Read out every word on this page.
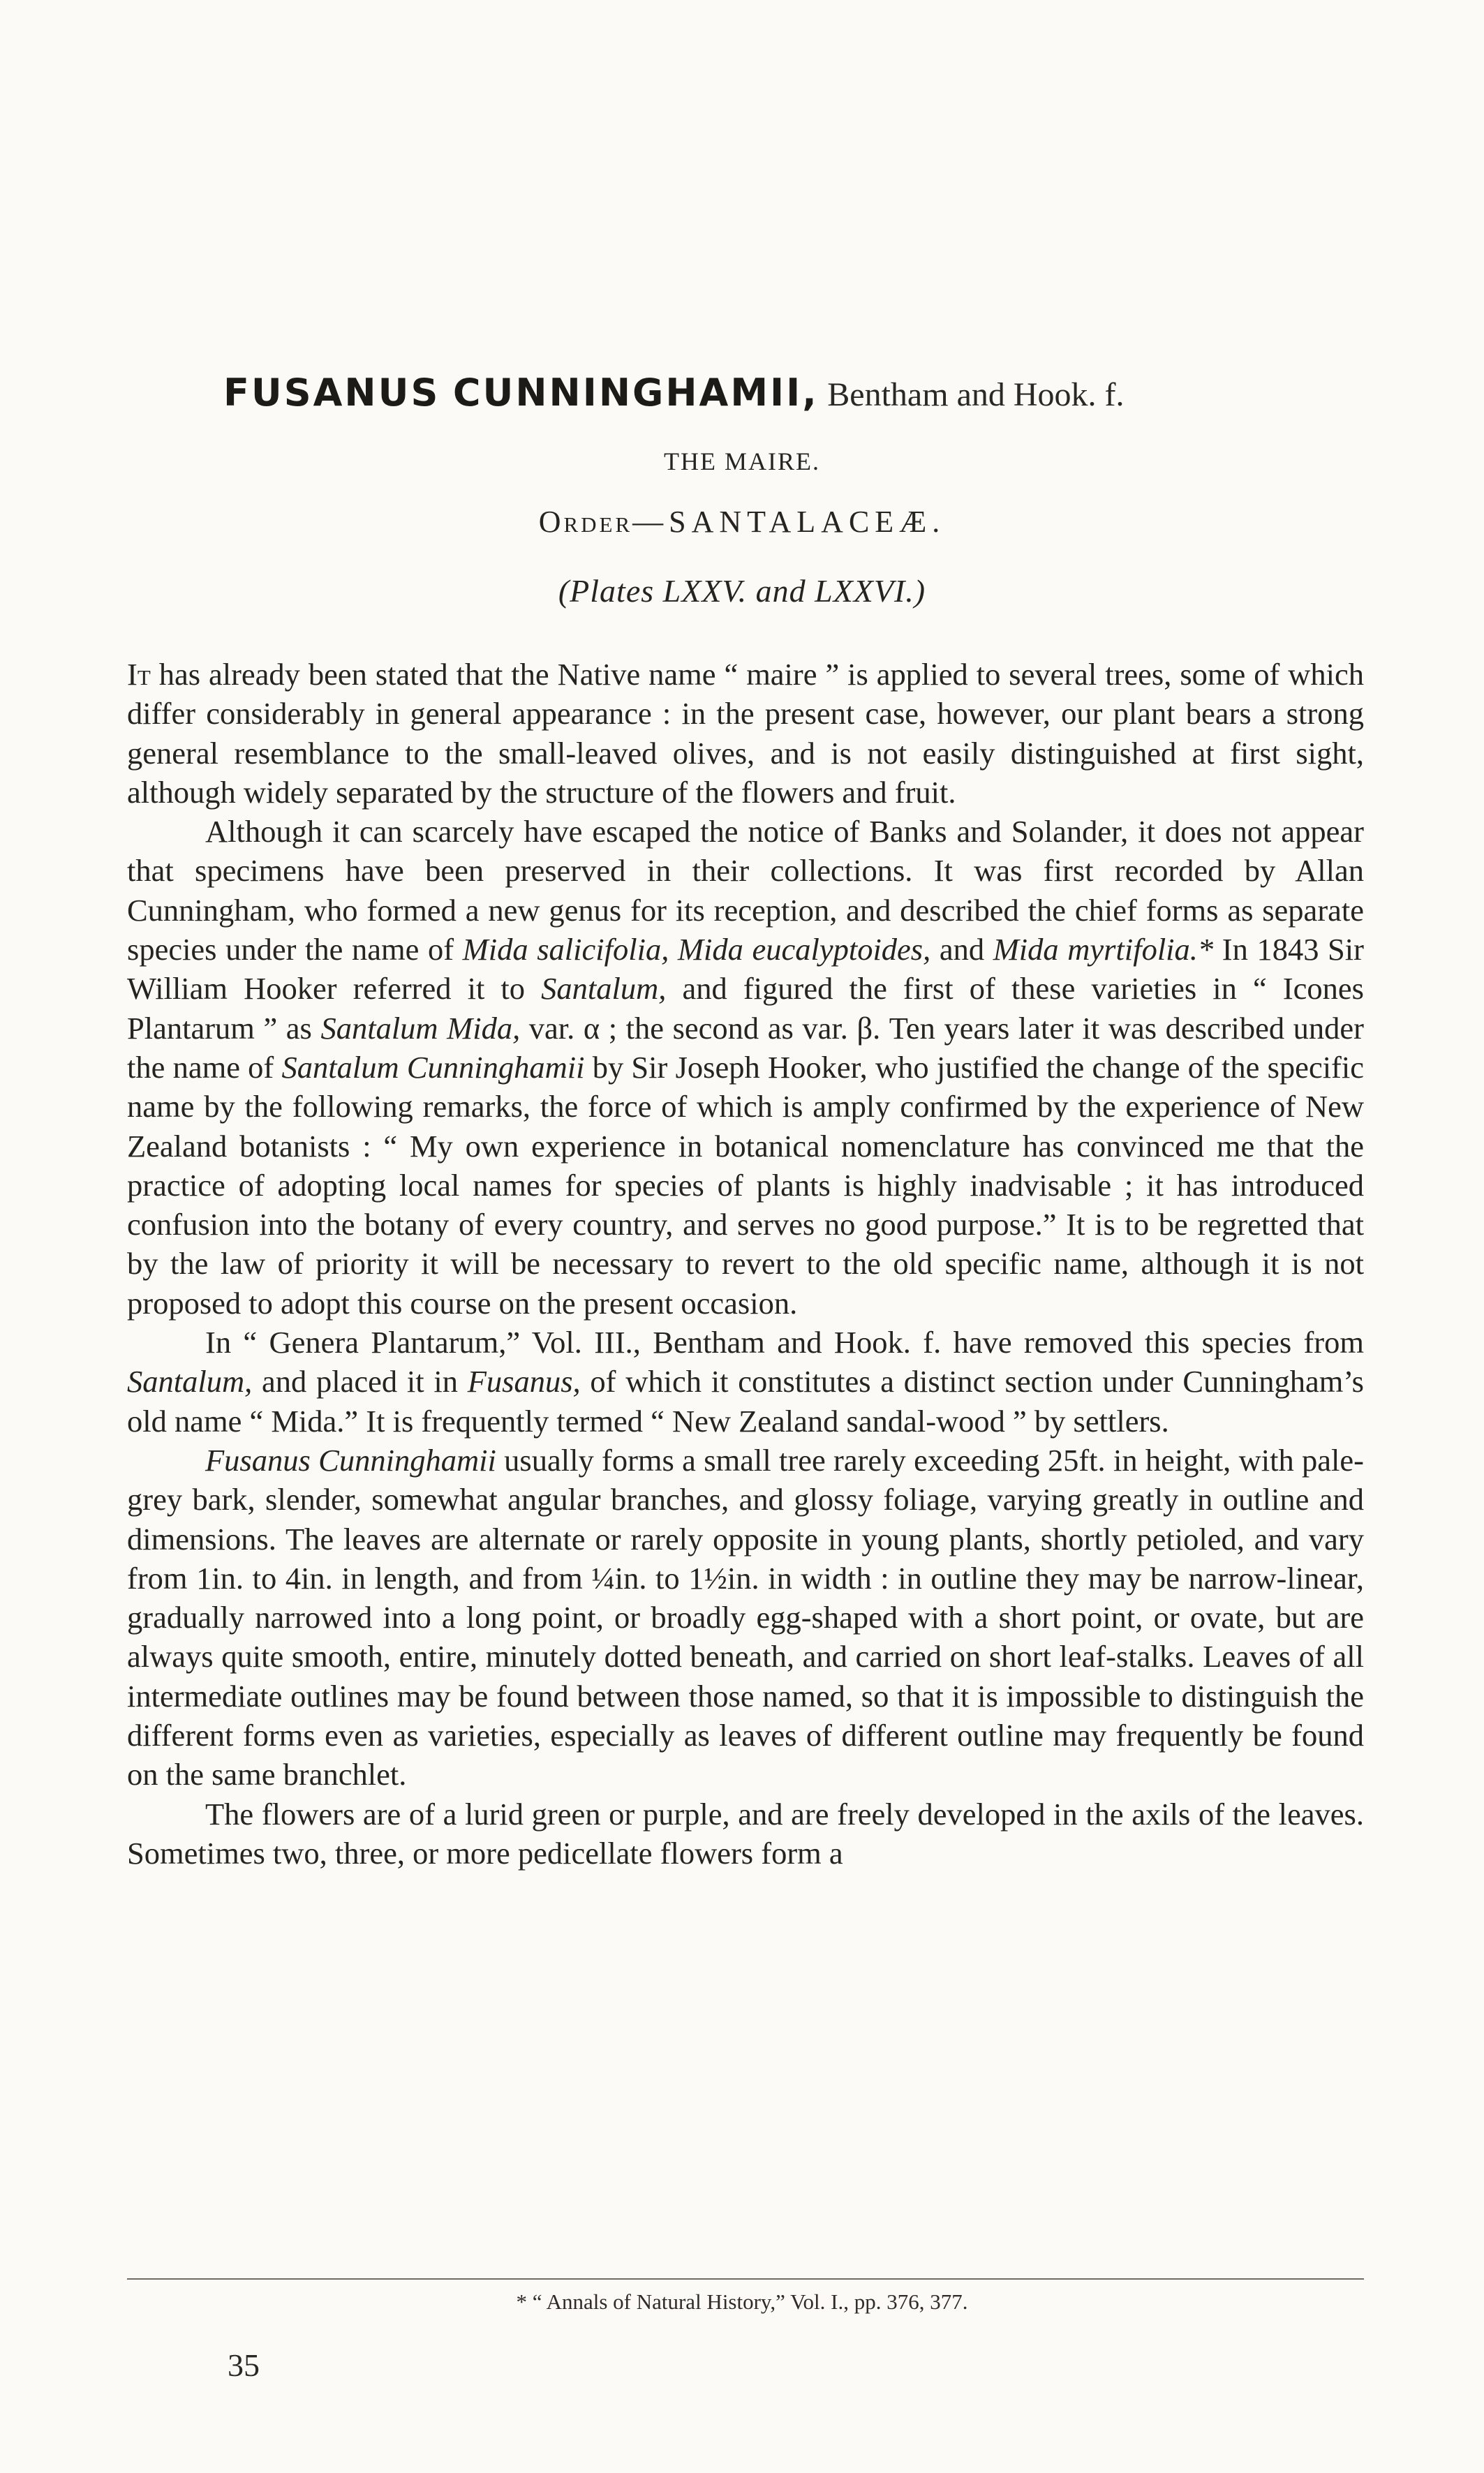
FUSANUS CUNNINGHAMII, Bentham and Hook. f.
THE MAIRE.
Order—SANTALACEÆ.
(Plates LXXV. and LXXVI.)

It has already been stated that the Native name “ maire ” is applied to several trees, some of which differ considerably in general appearance : in the present case, however, our plant bears a strong general resemblance to the small-leaved olives, and is not easily distinguished at first sight, although widely separated by the structure of the flowers and fruit.

Although it can scarcely have escaped the notice of Banks and Solander, it does not appear that specimens have been preserved in their collections. It was first recorded by Allan Cunningham, who formed a new genus for its reception, and described the chief forms as separate species under the name of Mida salicifolia, Mida eucalyptoides, and Mida myrtifolia.* In 1843 Sir William Hooker referred it to Santalum, and figured the first of these varieties in “ Icones Plantarum ” as Santalum Mida, var. α ; the second as var. β. Ten years later it was described under the name of Santalum Cunninghamii by Sir Joseph Hooker, who justified the change of the specific name by the following remarks, the force of which is amply confirmed by the experience of New Zealand botanists : “ My own experience in botanical nomenclature has convinced me that the practice of adopting local names for species of plants is highly inadvisable ; it has introduced confusion into the botany of every country, and serves no good purpose.” It is to be regretted that by the law of priority it will be necessary to revert to the old specific name, although it is not proposed to adopt this course on the present occasion.

In “ Genera Plantarum,” Vol. III., Bentham and Hook. f. have removed this species from Santalum, and placed it in Fusanus, of which it constitutes a distinct section under Cunningham’s old name “ Mida.” It is frequently termed “ New Zealand sandal-wood ” by settlers.

Fusanus Cunninghamii usually forms a small tree rarely exceeding 25ft. in height, with pale-grey bark, slender, somewhat angular branches, and glossy foliage, varying greatly in outline and dimensions. The leaves are alternate or rarely opposite in young plants, shortly petioled, and vary from 1in. to 4in. in length, and from ¼in. to 1½in. in width : in outline they may be narrow-linear, gradually narrowed into a long point, or broadly egg-shaped with a short point, or ovate, but are always quite smooth, entire, minutely dotted beneath, and carried on short leaf-stalks. Leaves of all intermediate outlines may be found between those named, so that it is impossible to distinguish the different forms even as varieties, especially as leaves of different outline may frequently be found on the same branchlet.

The flowers are of a lurid green or purple, and are freely developed in the axils of the leaves. Sometimes two, three, or more pedicellate flowers form a

* “ Annals of Natural History,” Vol. I., pp. 376, 377.
35
